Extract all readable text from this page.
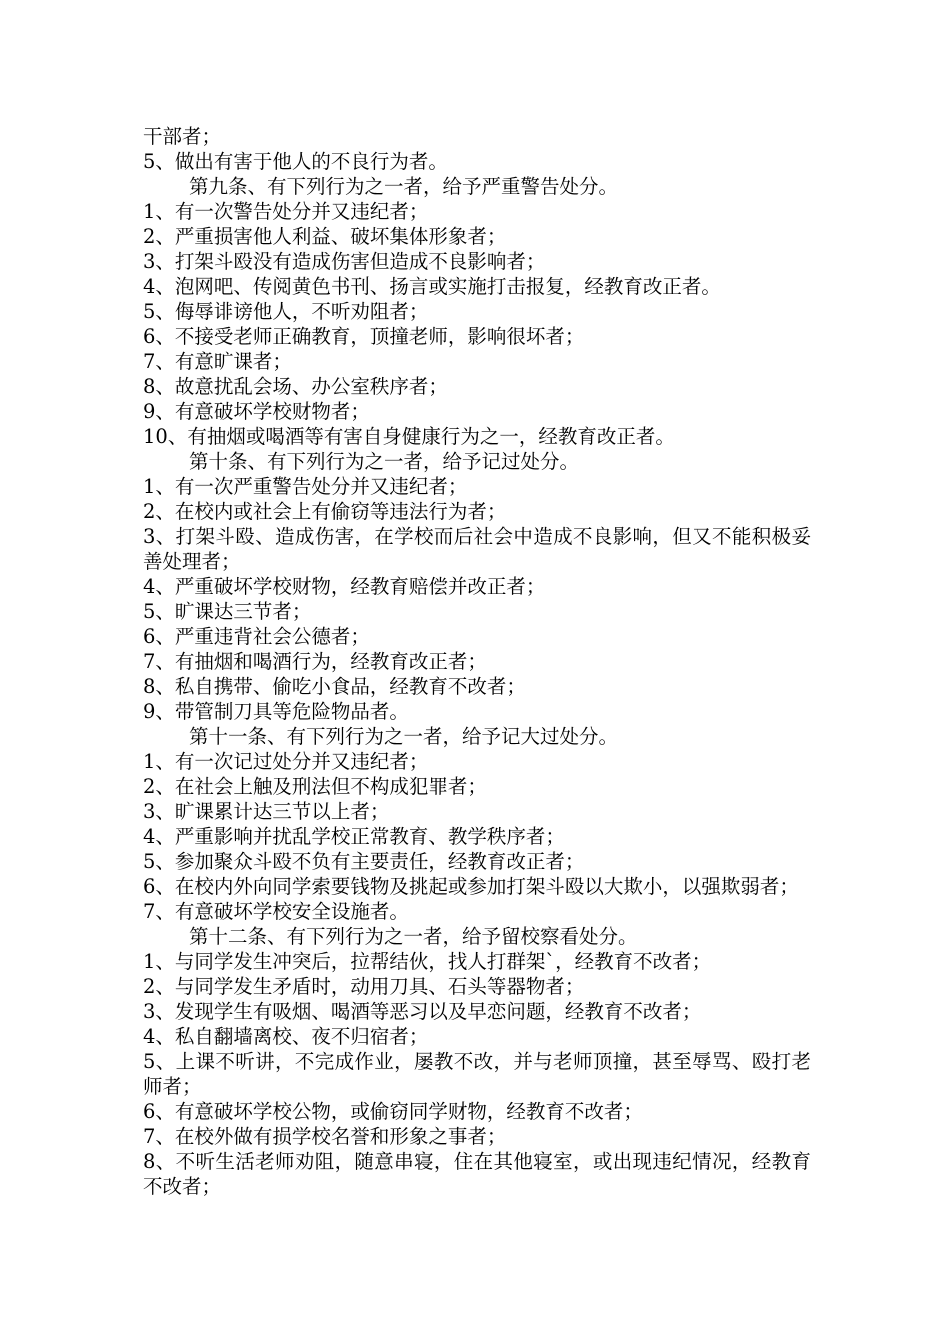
干部者；

5、做出有害于他人的不良行为者。

第九条、有下列行为之一者，给予严重警告处分。

1、有一次警告处分并又违纪者；

2、严重损害他人利益、破坏集体形象者；

3、打架斗殴没有造成伤害但造成不良影响者；

4、泡网吧、传阅黄色书刊、扬言或实施打击报复，经教育改正者。

5、侮辱诽谤他人，不听劝阻者；

6、不接受老师正确教育，顶撞老师，影响很坏者；

7、有意旷课者；

8、故意扰乱会场、办公室秩序者；

9、有意破坏学校财物者；

10、有抽烟或喝酒等有害自身健康行为之一，经教育改正者。

第十条、有下列行为之一者，给予记过处分。

1、有一次严重警告处分并又违纪者；

2、在校内或社会上有偷窃等违法行为者；

3、打架斗殴、造成伤害，在学校而后社会中造成不良影响，但又不能积极妥善处理者；

4、严重破坏学校财物，经教育赔偿并改正者；

5、旷课达三节者；

6、严重违背社会公德者；

7、有抽烟和喝酒行为，经教育改正者；

8、私自携带、偷吃小食品，经教育不改者；

9、带管制刀具等危险物品者。

第十一条、有下列行为之一者，给予记大过处分。

1、有一次记过处分并又违纪者；

2、在社会上触及刑法但不构成犯罪者；

3、旷课累计达三节以上者；

4、严重影响并扰乱学校正常教育、教学秩序者；

5、参加聚众斗殴不负有主要责任，经教育改正者；

6、在校内外向同学索要钱物及挑起或参加打架斗殴以大欺小，以强欺弱者；

7、有意破坏学校安全设施者。

第十二条、有下列行为之一者，给予留校察看处分。

1、与同学发生冲突后，拉帮结伙，找人打群架`，经教育不改者；

2、与同学发生矛盾时，动用刀具、石头等器物者；

3、发现学生有吸烟、喝酒等恶习以及早恋问题，经教育不改者；

4、私自翻墙离校、夜不归宿者；

5、上课不听讲，不完成作业，屡教不改，并与老师顶撞，甚至辱骂、殴打老师者；

6、有意破坏学校公物，或偷窃同学财物，经教育不改者；

7、在校外做有损学校名誉和形象之事者；

8、不听生活老师劝阻，随意串寝，住在其他寝室，或出现违纪情况，经教育不改者；
